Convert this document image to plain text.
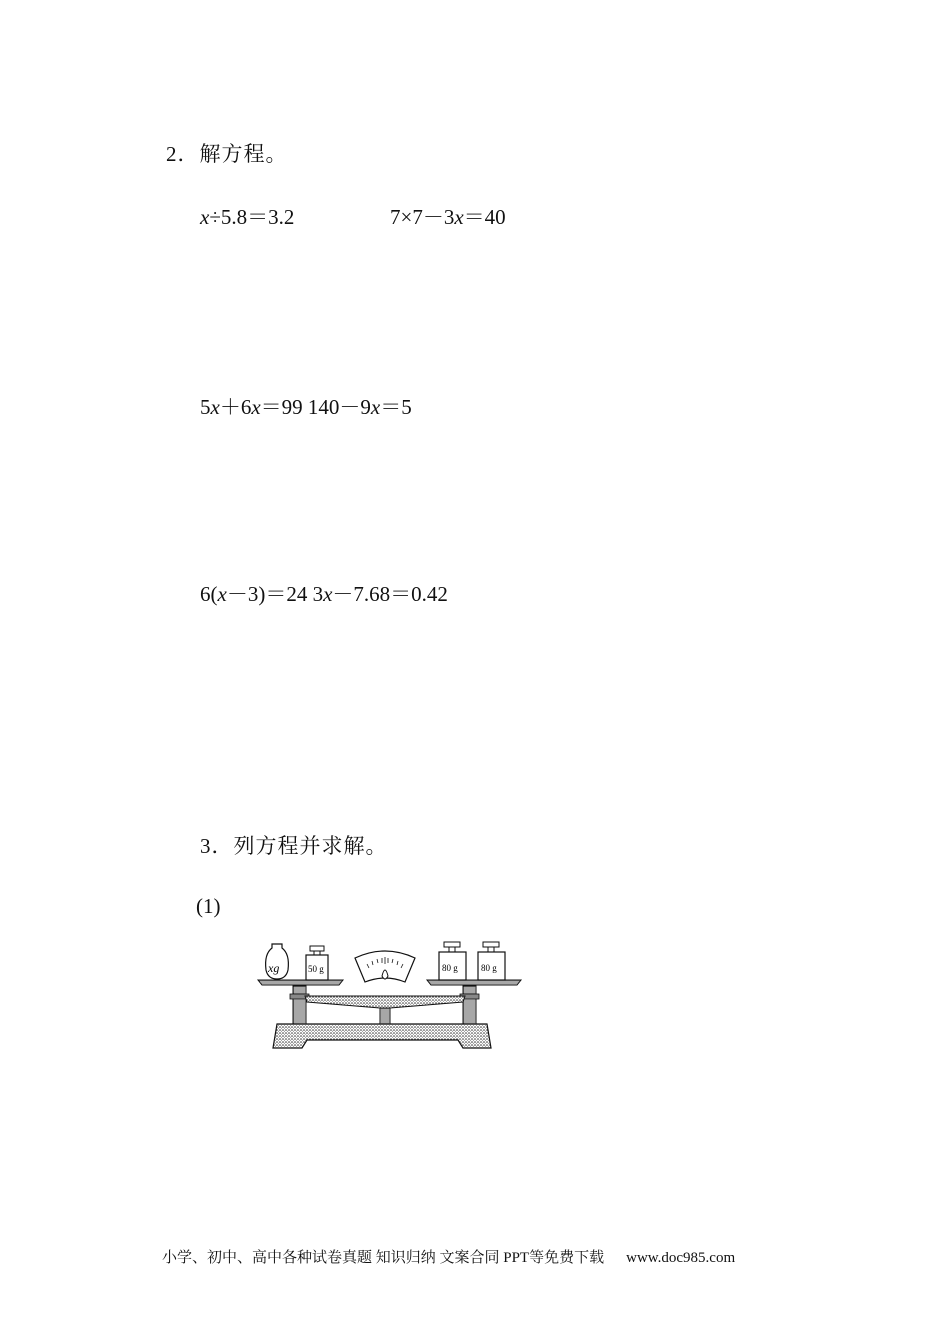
2．解方程。
x÷5.8＝3.2	7×7－3x＝40
5x＋6x＝99 140－9x＝5
6(x－3)＝24 3x－7.68＝0.42
3．列方程并求解。
(1)
xg	50 g	80 g	80 g
小学、初中、高中各种试卷真题 知识归纳 文案合同 PPT等免费下载 www.doc985.com
